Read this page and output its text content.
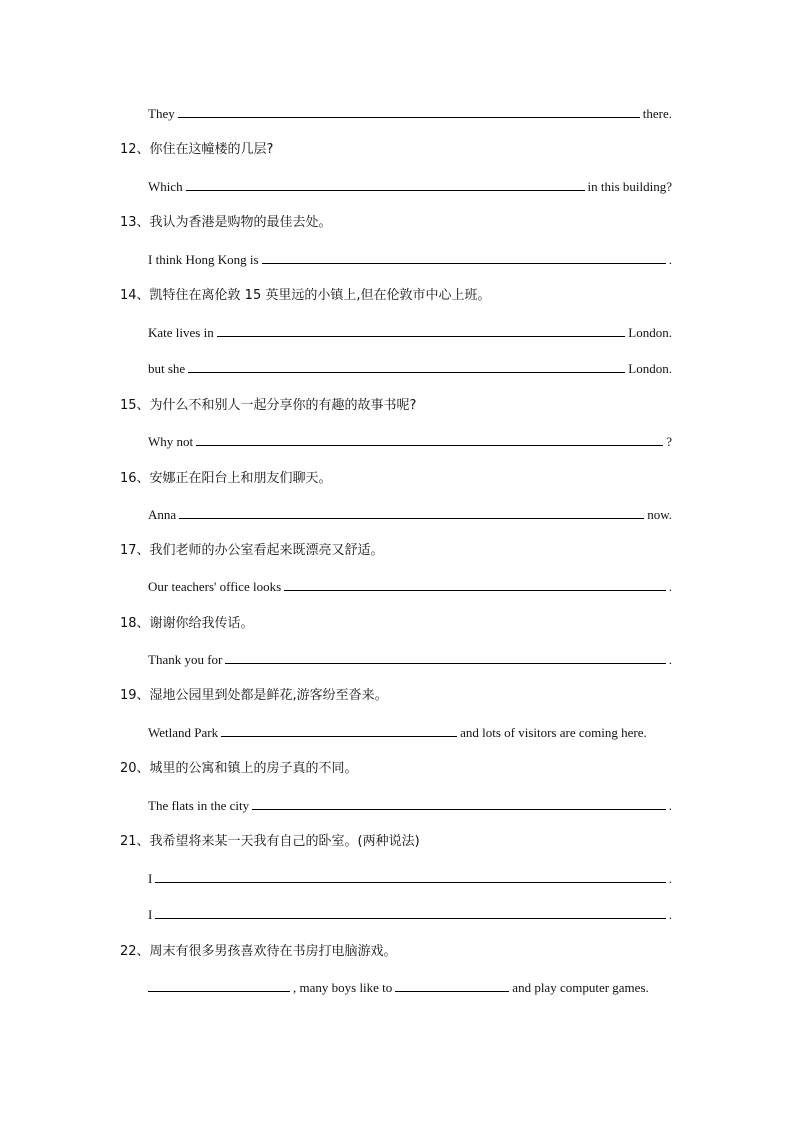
They	there.
12、你住在这幢楼的几层?
Which	in this building?
13、我认为香港是购物的最佳去处。
I think Hong Kong is	.
14、凯特住在离伦敦 15 英里远的小镇上,但在伦敦市中心上班。
Kate lives in	London.
but she	London.
15、为什么不和别人一起分享你的有趣的故事书呢?
Why not	?
16、安娜正在阳台上和朋友们聊天。
Anna	now.
17、我们老师的办公室看起来既漂亮又舒适。
Our teachers' office looks	.
18、谢谢你给我传话。
Thank you for	.
19、湿地公园里到处都是鲜花,游客纷至沓来。
Wetland Park	and lots of visitors are coming here.
20、城里的公寓和镇上的房子真的不同。
The flats in the city	.
21、我希望将来某一天我有自己的卧室。(两种说法)
I	.
I	.
22、周末有很多男孩喜欢待在书房打电脑游戏。
, many boys like to	and play computer games.
